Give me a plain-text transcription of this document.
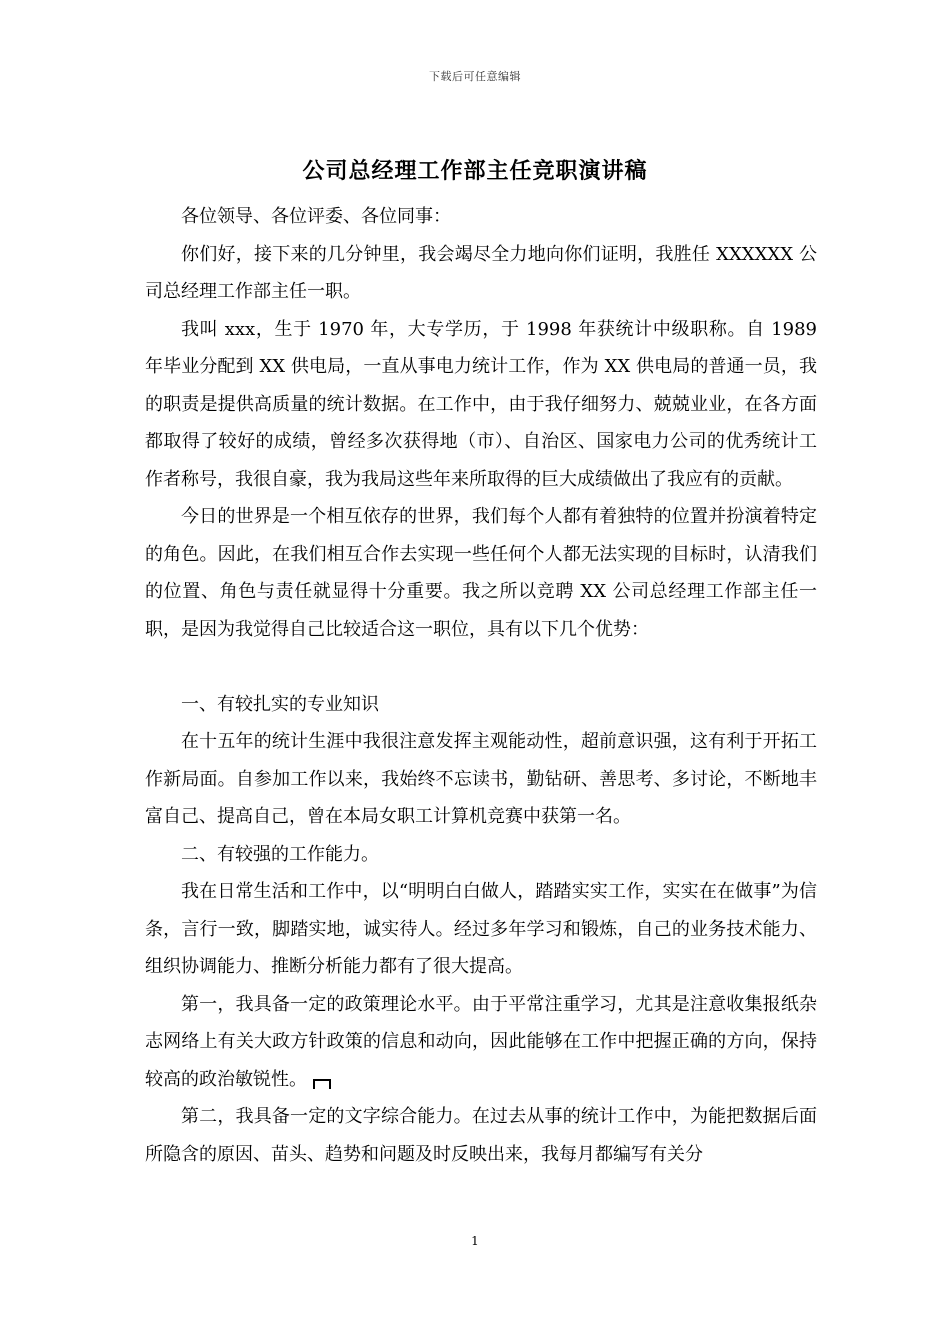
下载后可任意编辑
公司总经理工作部主任竞职演讲稿

各位领导、各位评委、各位同事：

你们好，接下来的几分钟里，我会竭尽全力地向你们证明，我胜任 XXXXXX 公司总经理工作部主任一职。

我叫 xxx，生于 1970 年，大专学历，于 1998 年获统计中级职称。自 1989 年毕业分配到 XX 供电局，一直从事电力统计工作，作为 XX 供电局的普通一员，我的职责是提供高质量的统计数据。在工作中，由于我仔细努力、兢兢业业，在各方面都取得了较好的成绩，曾经多次获得地（市）、自治区、国家电力公司的优秀统计工作者称号，我很自豪，我为我局这些年来所取得的巨大成绩做出了我应有的贡献。

今日的世界是一个相互依存的世界，我们每个人都有着独特的位置并扮演着特定的角色。因此，在我们相互合作去实现一些任何个人都无法实现的目标时，认清我们的位置、角色与责任就显得十分重要。我之所以竞聘 XX 公司总经理工作部主任一职，是因为我觉得自己比较适合这一职位，具有以下几个优势：

一、有较扎实的专业知识

在十五年的统计生涯中我很注意发挥主观能动性，超前意识强，这有利于开拓工作新局面。自参加工作以来，我始终不忘读书，勤钻研、善思考、多讨论，不断地丰富自己、提高自己，曾在本局女职工计算机竞赛中获第一名。

二、有较强的工作能力。

我在日常生活和工作中，以“明明白白做人，踏踏实实工作，实实在在做事”为信条，言行一致，脚踏实地，诚实待人。经过多年学习和锻炼，自己的业务技术能力、组织协调能力、推断分析能力都有了很大提高。

第一，我具备一定的政策理论水平。由于平常注重学习，尤其是注意收集报纸杂志网络上有关大政方针政策的信息和动向，因此能够在工作中把握正确的方向，保持较高的政治敏锐性。

第二，我具备一定的文字综合能力。在过去从事的统计工作中，为能把数据后面所隐含的原因、苗头、趋势和问题及时反映出来，我每月都编写有关分

1
